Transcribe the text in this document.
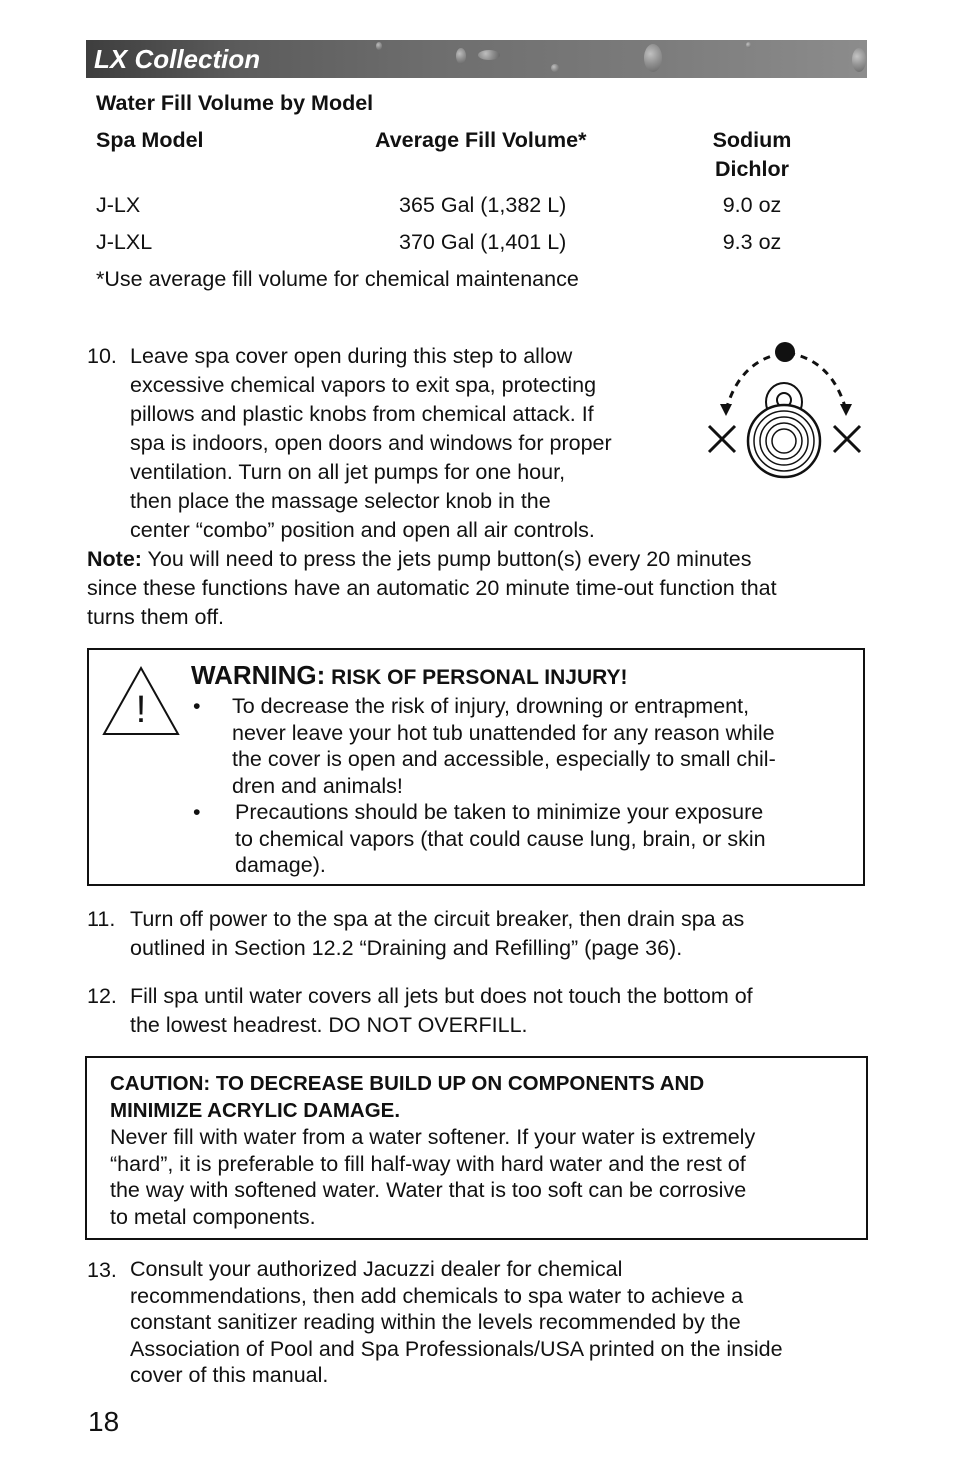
LX Collection
Water Fill Volume by Model
Spa Model	Average Fill Volume*	Sodium
Dichlor
J-LX	365 Gal (1,382 L)	9.0 oz
J-LXL	370 Gal (1,401 L)	9.3 oz
*Use average fill volume for chemical maintenance
10. Leave spa cover open during this step to allow
excessive chemical vapors to exit spa, protecting
pillows and plastic knobs from chemical attack. If
spa is indoors, open doors and windows for proper
ventilation. Turn on all jet pumps for one hour,
then place the massage selector knob in the
center “combo” position and open all air controls.
Note: You will need to press the jets pump button(s) every 20 minutes
since these functions have an automatic 20 minute time-out function that
turns them off.
!
WARNING: RISK OF PERSONAL INJURY!
• To decrease the risk of injury, drowning or entrapment,
never leave your hot tub unattended for any reason while
the cover is open and accessible, especially to small chil-
dren and animals!
• Precautions should be taken to minimize your exposure
to chemical vapors (that could cause lung, brain, or skin
damage).
11. Turn off power to the spa at the circuit breaker, then drain spa as
outlined in Section 12.2 “Draining and Refilling” (page 36).
12. Fill spa until water covers all jets but does not touch the bottom of
the lowest headrest. DO NOT OVERFILL.
CAUTION: TO DECREASE BUILD UP ON COMPONENTS AND
MINIMIZE ACRYLIC DAMAGE.
Never fill with water from a water softener. If your water is extremely
“hard”, it is preferable to fill half-way with hard water and the rest of
the way with softened water. Water that is too soft can be corrosive
to metal components.
13. Consult your authorized Jacuzzi dealer for chemical
recommendations, then add chemicals to spa water to achieve a
constant sanitizer reading within the levels recommended by the
Association of Pool and Spa Professionals/USA printed on the inside
cover of this manual.
18
